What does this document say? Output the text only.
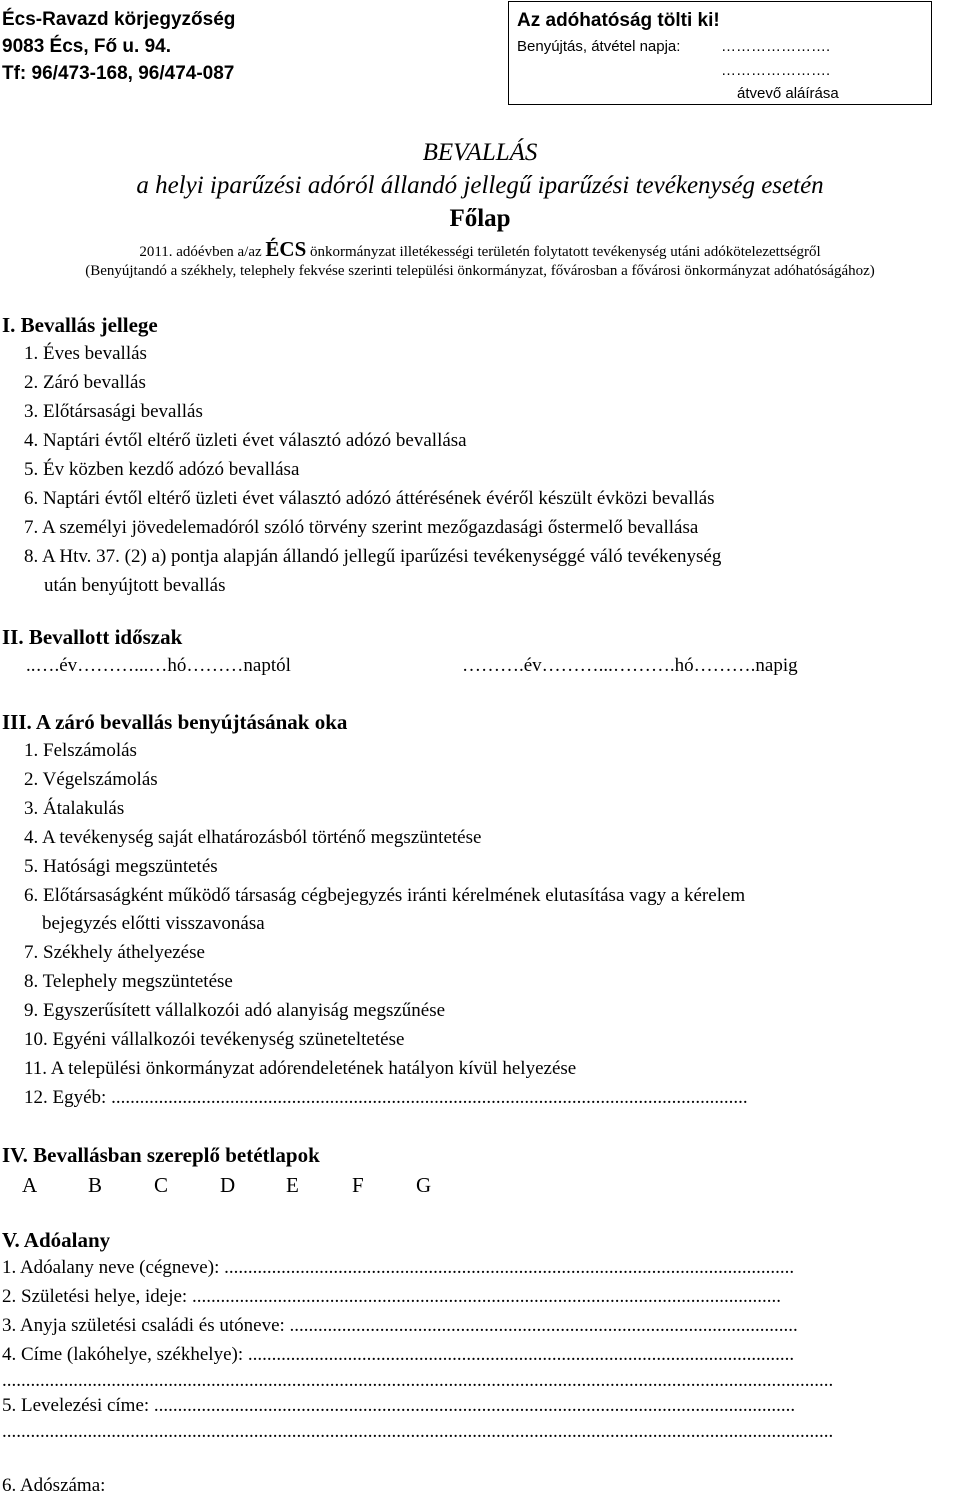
Écs-Ravazd körjegyzőség
9083 Écs, Fő u. 94.
Tf: 96/473-168, 96/474-087
Az adóhatóság tölti ki!
Benyújtás, átvétel napja:	………………….
………………….
átvevő aláírása
BEVALLÁS
a helyi iparűzési adóról állandó jellegű iparűzési tevékenység esetén
Főlap
2011. adóévben a/az ÉCS önkormányzat illetékességi területén folytatott tevékenység utáni adókötelezettségről
(Benyújtandó a székhely, telephely fekvése szerinti települési önkormányzat, fővárosban a fővárosi önkormányzat adóhatóságához)
I. Bevallás jellege
1. Éves bevallás
2. Záró bevallás
3. Előtársasági bevallás
4. Naptári évtől eltérő üzleti évet választó adózó bevallása
5. Év közben kezdő adózó bevallása
6. Naptári évtől eltérő üzleti évet választó adózó áttérésének évéről készült évközi bevallás
7. A személyi jövedelemadóról szóló törvény szerint mezőgazdasági őstermelő bevallása
8. A Htv. 37. (2) a) pontja alapján állandó jellegű iparűzési tevékenységgé váló tevékenység
után benyújtott bevallás
II. Bevallott időszak
..….év………...…hó………naptól	……….év………...……….hó……….napig
III. A záró bevallás benyújtásának oka
1. Felszámolás
2. Végelszámolás
3. Átalakulás
4. A tevékenység saját elhatározásból történő megszüntetése
5. Hatósági megszüntetés
6. Előtársaságként működő társaság cégbejegyzés iránti kérelmének elutasítása vagy a kérelem
bejegyzés előtti visszavonása
7. Székhely áthelyezése
8. Telephely megszüntetése
9. Egyszerűsített vállalkozói adó alanyiság megszűnése
10. Egyéni vállalkozói tevékenység szüneteltetése
11. A települési önkormányzat adórendeletének hatályon kívül helyezése
12. Egyéb: ......................................................................................................................................
IV. Bevallásban szereplő betétlapok
A B C D E	F G
V. Adóalany
1. Adóalany neve (cégneve): ........................................................................................................................
2. Születési helye, ideje: ............................................................................................................................
3. Anyja születési családi és utóneve: ...........................................................................................................
4. Címe (lakóhelye, székhelye): ...................................................................................................................
...............................................................................................................................................................................
5. Levelezési címe: .......................................................................................................................................
...............................................................................................................................................................................
6. Adószáma:
